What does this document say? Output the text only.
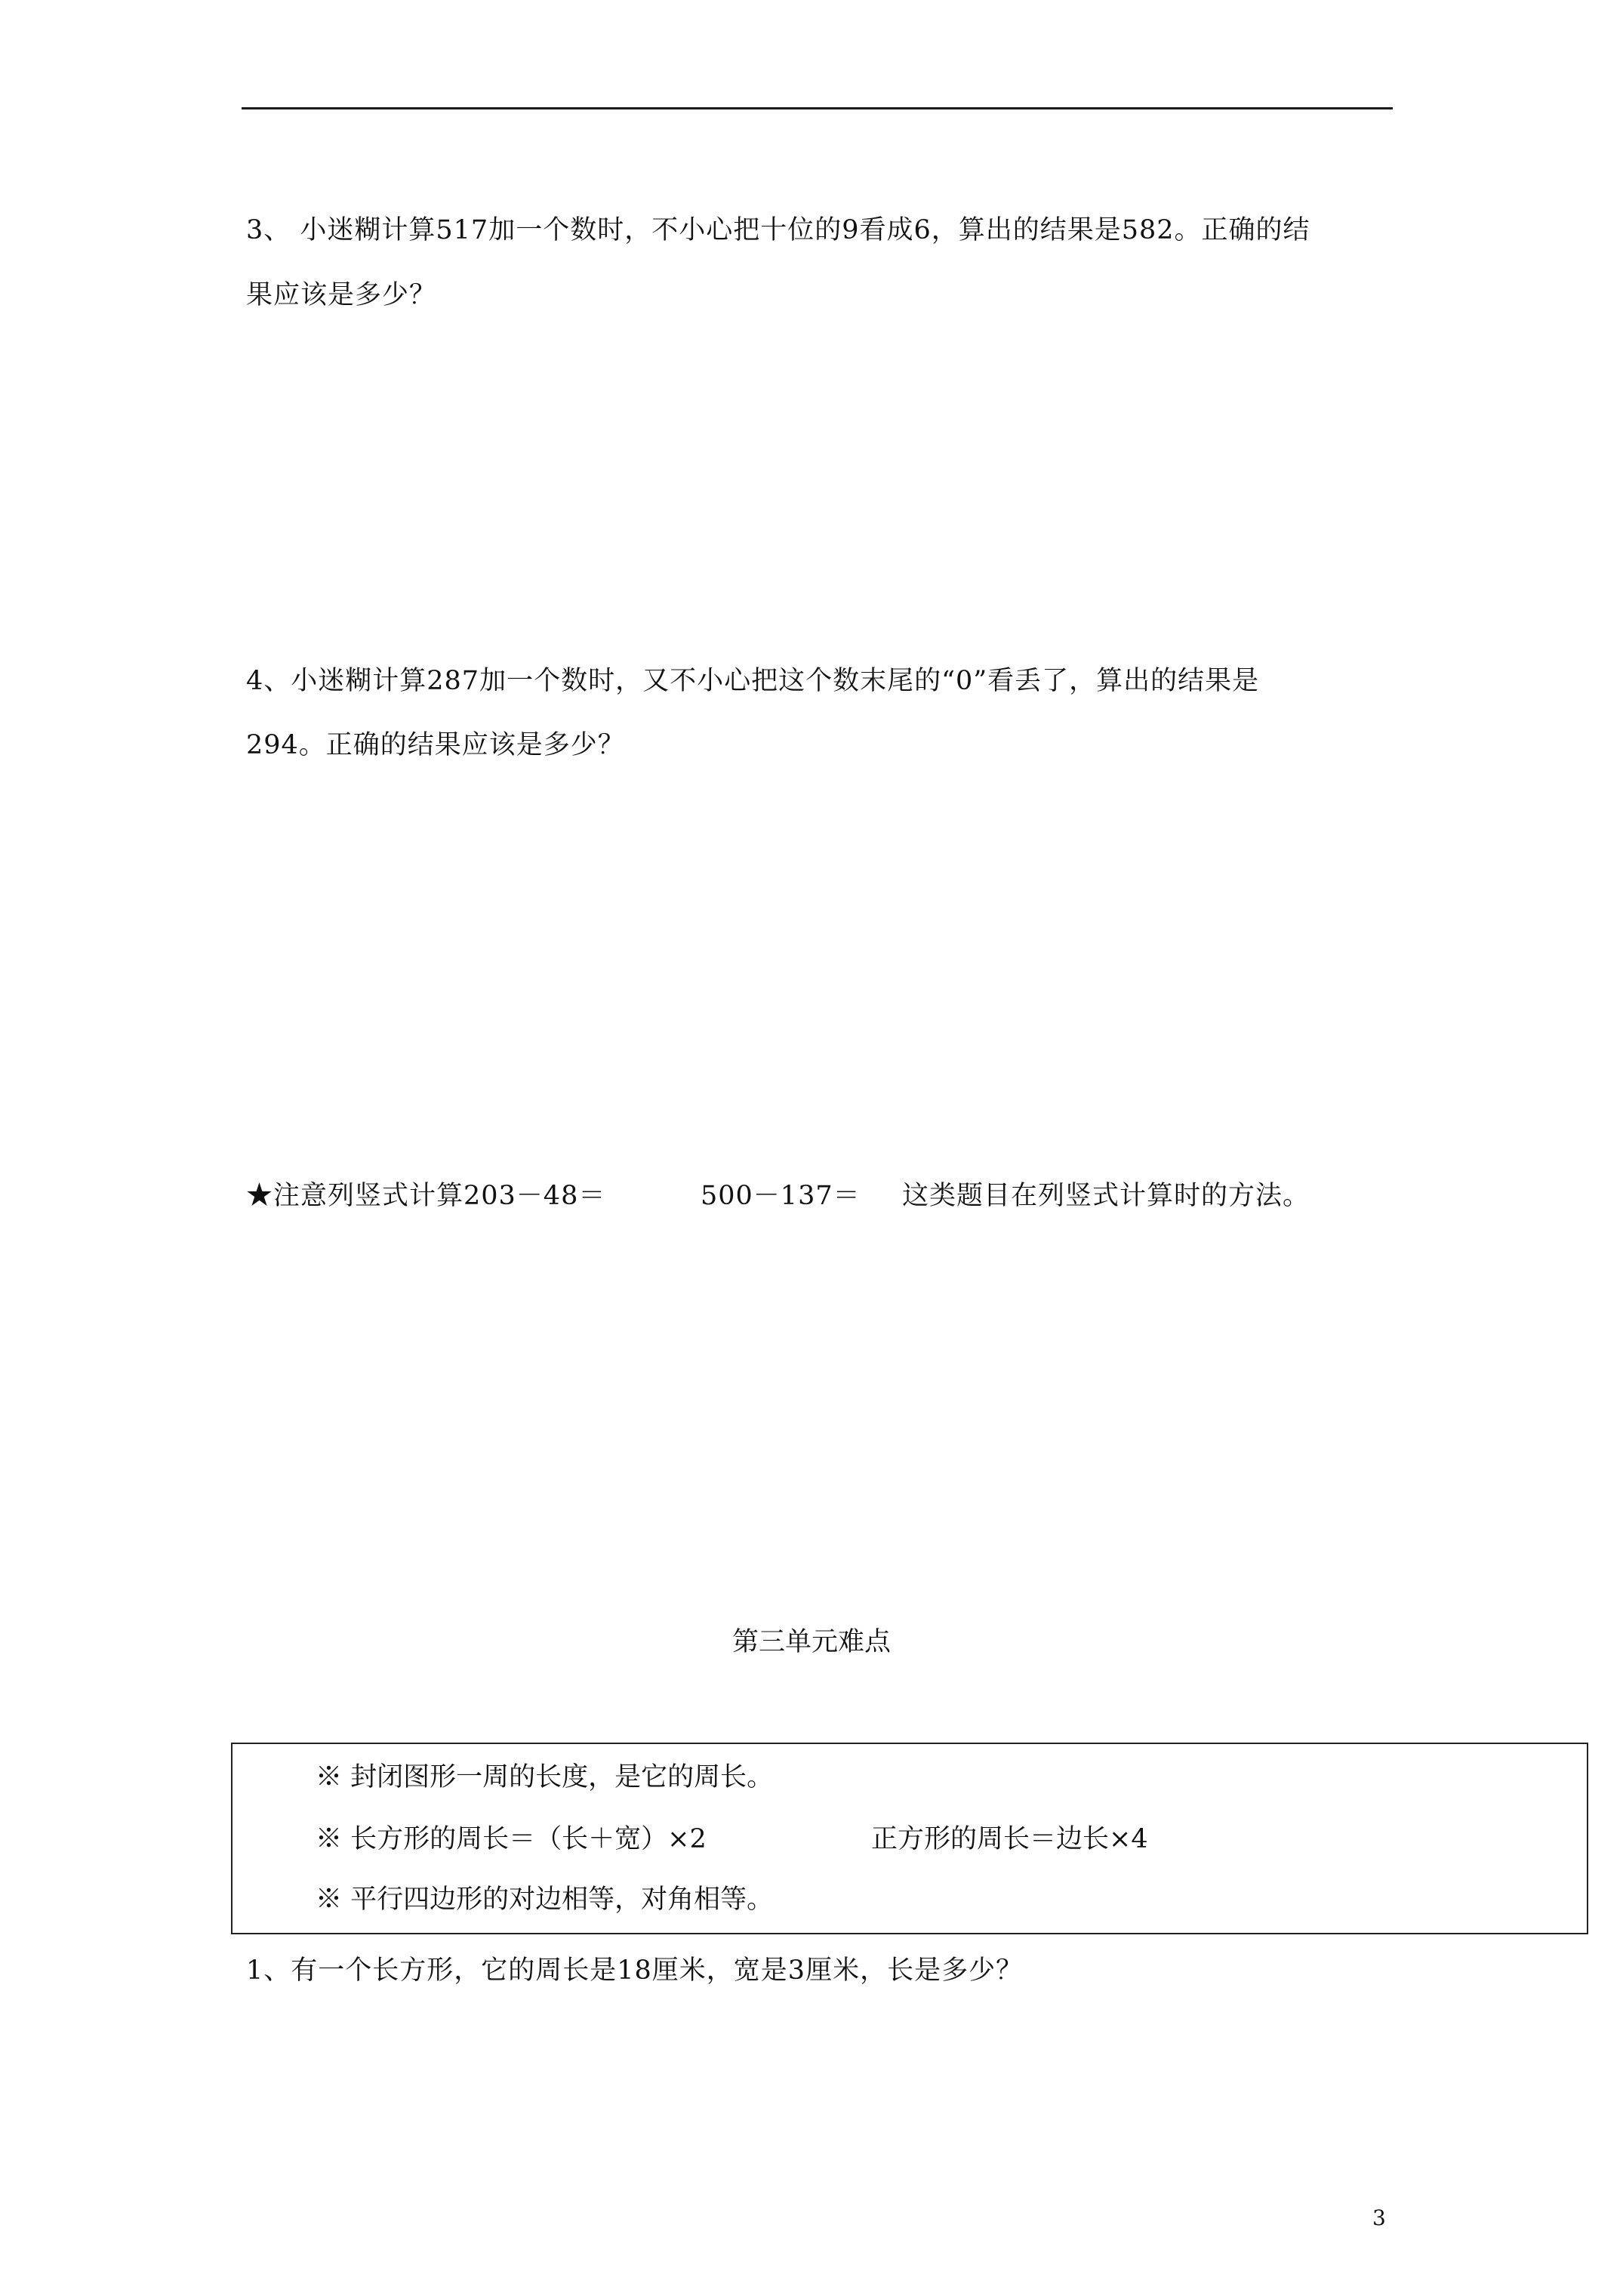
3、 小迷糊计算517加一个数时，不小心把十位的9看成6，算出的结果是582。正确的结
果应该是多少？
4、小迷糊计算287加一个数时，又不小心把这个数末尾的“0”看丢了，算出的结果是
294。正确的结果应该是多少？
★注意列竖式计算203－48＝	500－137＝ 这类题目在列竖式计算时的方法。
第三单元难点
※ 封闭图形一周的长度，是它的周长。
※ 长方形的周长＝（长＋宽）×2	正方形的周长＝边长×4
※ 平行四边形的对边相等，对角相等。
1、有一个长方形，它的周长是18厘米，宽是3厘米，长是多少？
3
